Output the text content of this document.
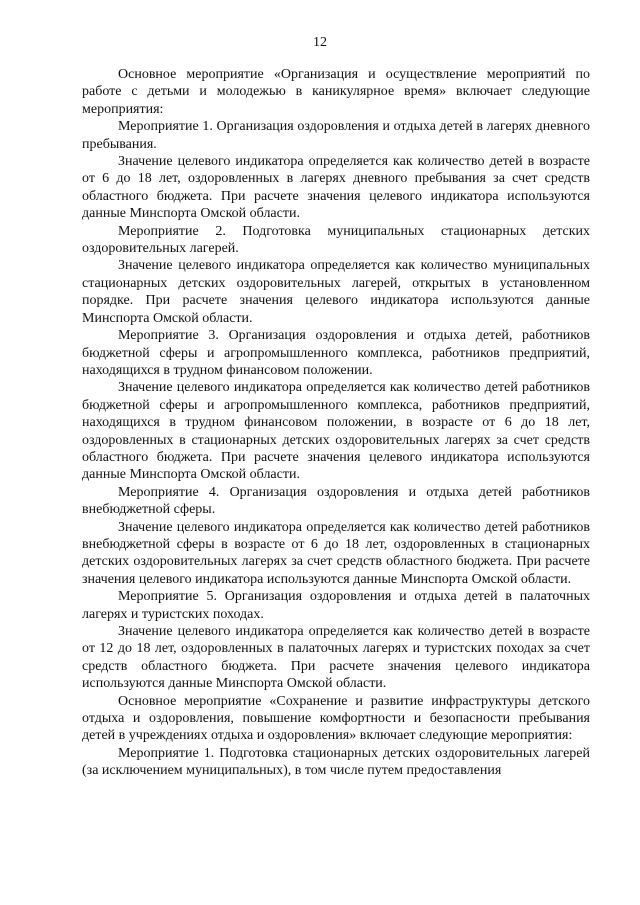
12

Основное мероприятие «Организация и осуществление мероприятий по работе с детьми и молодежью в каникулярное время» включает следующие мероприятия:

Мероприятие 1. Организация оздоровления и отдыха детей в лагерях дневного пребывания.

Значение целевого индикатора определяется как количество детей в возрасте от 6 до 18 лет, оздоровленных в лагерях дневного пребывания за счет средств областного бюджета. При расчете значения целевого индикатора используются данные Минспорта Омской области.

Мероприятие 2. Подготовка муниципальных стационарных детских оздоровительных лагерей.

Значение целевого индикатора определяется как количество муниципальных стационарных детских оздоровительных лагерей, открытых в установленном порядке. При расчете значения целевого индикатора используются данные Минспорта Омской области.

Мероприятие 3. Организация оздоровления и отдыха детей, работников бюджетной сферы и агропромышленного комплекса, работников предприятий, находящихся в трудном финансовом положении.

Значение целевого индикатора определяется как количество детей работников бюджетной сферы и агропромышленного комплекса, работников предприятий, находящихся в трудном финансовом положении, в возрасте от 6 до 18 лет, оздоровленных в стационарных детских оздоровительных лагерях за счет средств областного бюджета. При расчете значения целевого индикатора используются данные Минспорта Омской области.

Мероприятие 4. Организация оздоровления и отдыха детей работников внебюджетной сферы.

Значение целевого индикатора определяется как количество детей работников внебюджетной сферы в возрасте от 6 до 18 лет, оздоровленных в стационарных детских оздоровительных лагерях за счет средств областного бюджета. При расчете значения целевого индикатора используются данные Минспорта Омской области.

Мероприятие 5. Организация оздоровления и отдыха детей в палаточных лагерях и туристских походах.

Значение целевого индикатора определяется как количество детей в возрасте от 12 до 18 лет, оздоровленных в палаточных лагерях и туристских походах за счет средств областного бюджета. При расчете значения целевого индикатора используются данные Минспорта Омской области.

Основное мероприятие «Сохранение и развитие инфраструктуры детского отдыха и оздоровления, повышение комфортности и безопасности пребывания детей в учреждениях отдыха и оздоровления» включает следующие мероприятия:

Мероприятие 1. Подготовка стационарных детских оздоровительных лагерей (за исключением муниципальных), в том числе путем предоставления
